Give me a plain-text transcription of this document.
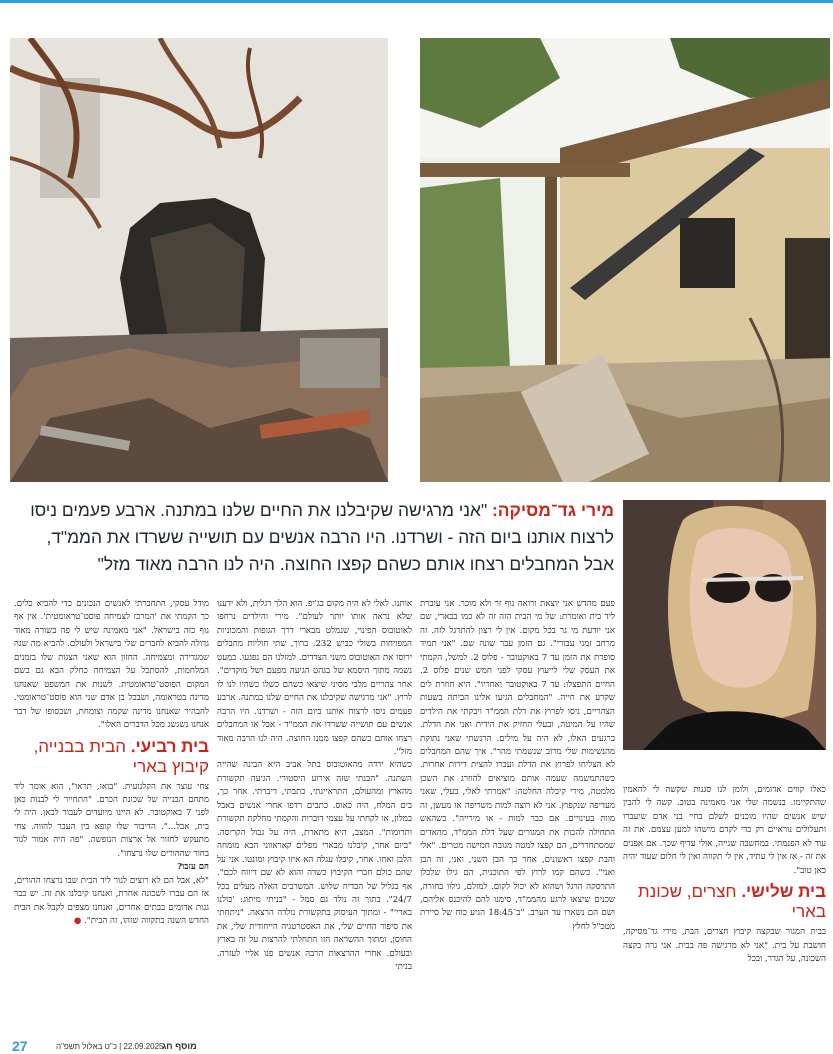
מירי גד־מסיקה: "אני מרגישה שקיבלנו את החיים שלנו במתנה. ארבע פעמים ניסו לרצוח אותנו ביום הזה - ושרדנו. היו הרבה אנשים עם תושייה ששרדו את הממ"ד, אבל המחבלים רצחו אותם כשהם קפצו החוצה. היה לנו הרבה מאוד מזל"

כאלו קווים אדומים, ולומן לנו סגנות שקשה לי להאמין שהתקיימו. בנשמה שלי אני מאמינה בטוב. קשה לי להבין שיש אנשים שהיו מוכנים לשלם בחיי בני אדם שיעברו ותעלולים נוראיים רק כדי לקדם מישהו למען עצמם. את זה עוד לא הפנמתי. במחשבה שנייה, אולי עדיף שכך. אם אפנים את זה - אז אין לי עתיד, אין לי תקווה ואין לי חלום שעוד יהיה כאן טוב".

בית שלישי. חצרים, שכונת בארי

בבית המגור שבקצה קיבוץ חצרים, הבת, מירי גד־מסיקה, חושבת על בית. "אני לא מרגישה פה בבית. אני גרה בקצה השכונה, על הגדר, ובכל

פעם מהדש אני יוצאת ורואה נוף זר ולא מוכר. אני עוברת ליד בית ואומרת: של מי הבית הזה זה לא כמו בבארי, שם אני יודעת מי גר בכל מקום. אין לי רצון להתרגל לזה. זה מרחב זמני עבורי". גם הזמן עבר שונה שם. "אני תמיד סופרת את הזמן עד 7 באוקטובר - פלוס 2. למשל, הקמתי את העסק שלי לייעוץ עסקי לפני חמש שנים פלוס 2. החיים התפצלו: עד 7 באוקטובר ואחריו". היא חוזרת לים שקרע את חייה. "המחבלים הגיעו אלינו הביתה בשעות הצהריים, ניסו לפרוץ את דלת הממ"ד ויבקתי את הילדים שהיו על המיטה, ובעלי החזיק את הידית ואני את הדלת. ברגעים האלו, לא היה על מילים. הרגשתי שאני נתוקת מהנשימות שלי מרוב שנשמתי מהר". איך שהם המחבלים לא הצליחו לפרוץ את הדלת ועברו להצית דירות אחרות. כשהתמשמה שעמה אותם מוציאים להוזרג את השכן מלמטה, מירי קיבלה החלטה: "אמרתי לאלי, בעלי, שאני מעדיפה שנקפוץ. אני לא רוצה למות משריפה או מעשן, זה מוות בעינויים. אם כבר למות - או מירייה". כשהאש התחילה להכות את המגורים שעל דלת הממ"ד, מהאדים שמסתחררים, הם קפצו למטה מגובה חמישה מטרים. "אלי והבת קפצו ראשונים, אחר כך הבן השני, ואני, זה הבן ואני". כשהם קמו לרוץ לפי התוכנית, הם גילו שלכלן התרסקה הרגל ושהוא לא יכול לקום. למזלם, גילוו בחורה, שכנים שיצאו לרגע מהממ"ד, סימנו להם להיכנס אליהם, ושם הם נשארו עד הערב. "ב־18:45 הגיע כוח של סיירת מטכ"ל לחלץ

אותנו. לאלי לא היה מקום בג'יפ. הוא הלך רגלית, ולא ידענו שלא נראה אותו יותר לעולם". מירי והילדים נרחפו לאוטובוס הפינוי, שנמלט מבארי דרך הגופות והמכוניות המפויחות בשולי כביש 232. ברוך, שתי חוליות מחבלים ירוסו את האוטובוס משני הצדדים. למזלנו הם נפגעו. כמעט נשמה מתוך היסמא של בגהט הגיעה מפעם ושל מוקדים". אחר צהריים מלבי מסיני שיצאו כשהם כשלו כשהיו לנו לו לרוץ. "אני מרגישה שקיבלנו את החיים שלנו במתנה. ארבע פעמים ניסו לרצוח אותנו ביום הזה - ושרדנו. היו הרבה אנשים עם תושייה ששרדו את הממ"ד - אבל או המחבלים רצחו אותם כשהם קפצו ממנו החוצה. היה לנו הרבה מאוד מזל".

כשהיא ירדה מהאוטובוס בתל אביב היא הבינה שהייה השתנה. "הבנתי שזה אירוע היסטורי. הגיעה תקשורת מהארץ ומהעולם, התראיינתי, כתבתי, דיברתי. אחר כך, בים המלח, היה כאוס. כתבים רדפו אחרי אנשים באבל במלון, או לקחתי על עצמי דוברות והקמתי מחלקת תקשורת ותרומות". המצב, היא מתארת, היה על גבול הקריסה. "ביום אחר, קיבלנו מבארי מפלים קאראווני הבא מומחה הלבן ואחו. אחר, קיבלו עגלה הא איזו קיבוץ ומזנטו. אני על שהם כולם חברי הקיבוץ כשדה והוא לא שם דיווח לכם". אף בגליל של הבדיה שלוש. המשרבים האלה מעלים בכל 24/7". בתוך זה נולד גם סמל - "בניתי מיתוג: 'כולנו בארי'" - ומתוך העיסוק בתקשורת נולדה הרצאה. "ניתחתי את סיפור החיים שלי, את האסטרטגיה הייחודית שלי, את החוסן, ומתוך ההשראה הזו התחלתי להרצות על זה בארץ ובעולם. אחרי ההרצאות הרבה אנשים פנו אליי לעזרה. בניתי

מודל עסקי, התחברתי לאנשים הנכונים כדי להביא כלים. כך הקמתי את 'המרכז לצמיחה פוסט־טראומטית'. אין אף גוף כזה בישראל. "אני מאמינה שיש לי פה בשורה מאוד גדולה להביא לחברים שלי בישראל ולעולם. להביא מה שנה שמגדירה ומצמיחה. החזון הוא שאני הצגות שלו בזמנים המלחמות, להסתכל על הצמיחה כחלק הבא גם בשם המקום הפוסט־טראומטית. לשנות את המשפט שאנחנו מדינה בטראומה, ושבכל בן אדם שני הוא פוסט־טראומטי. להבהיר שאנחנו מדינה שקמה וצומחת, ושבסופו של דבר אנחנו נשגשג מכל הדברים האלו".

בית רביעי. הבית בבנייה, קיבוץ בארי

צחי עוצר את הקלנועית. "בואו, תראו", הוא אומר ליד מתחם הבנייה של שכונת הכרם. "התחייר לי לבנות כאן לפני 7 באוקטובר. לא היינו מיועדים לעבור לכאן. היה לי בית, אבל...". הדיבור שלו קופא בין העבר להווה. צחי מתעקש לחזור אל ארצות הנופשה. "פה היה אמור לגור בחור שההורים שלו נרצחו".

הם עזבו?

"לא, אבל הם לא רוצים לגור ליד הבית שבו נרצחו ההורים, אז הם עברו לשכונה אחרת, ואנחנו קיבלנו את זה. יש כבר גגות אדומים בבתים אחרים, ואנחנו מצפים לקבל את הבית החדש השנה בתקווה שזהו, זה הבית". ●

27	22.09.2025 | כ"ט באלול תשפ"ה
מוסף חג
